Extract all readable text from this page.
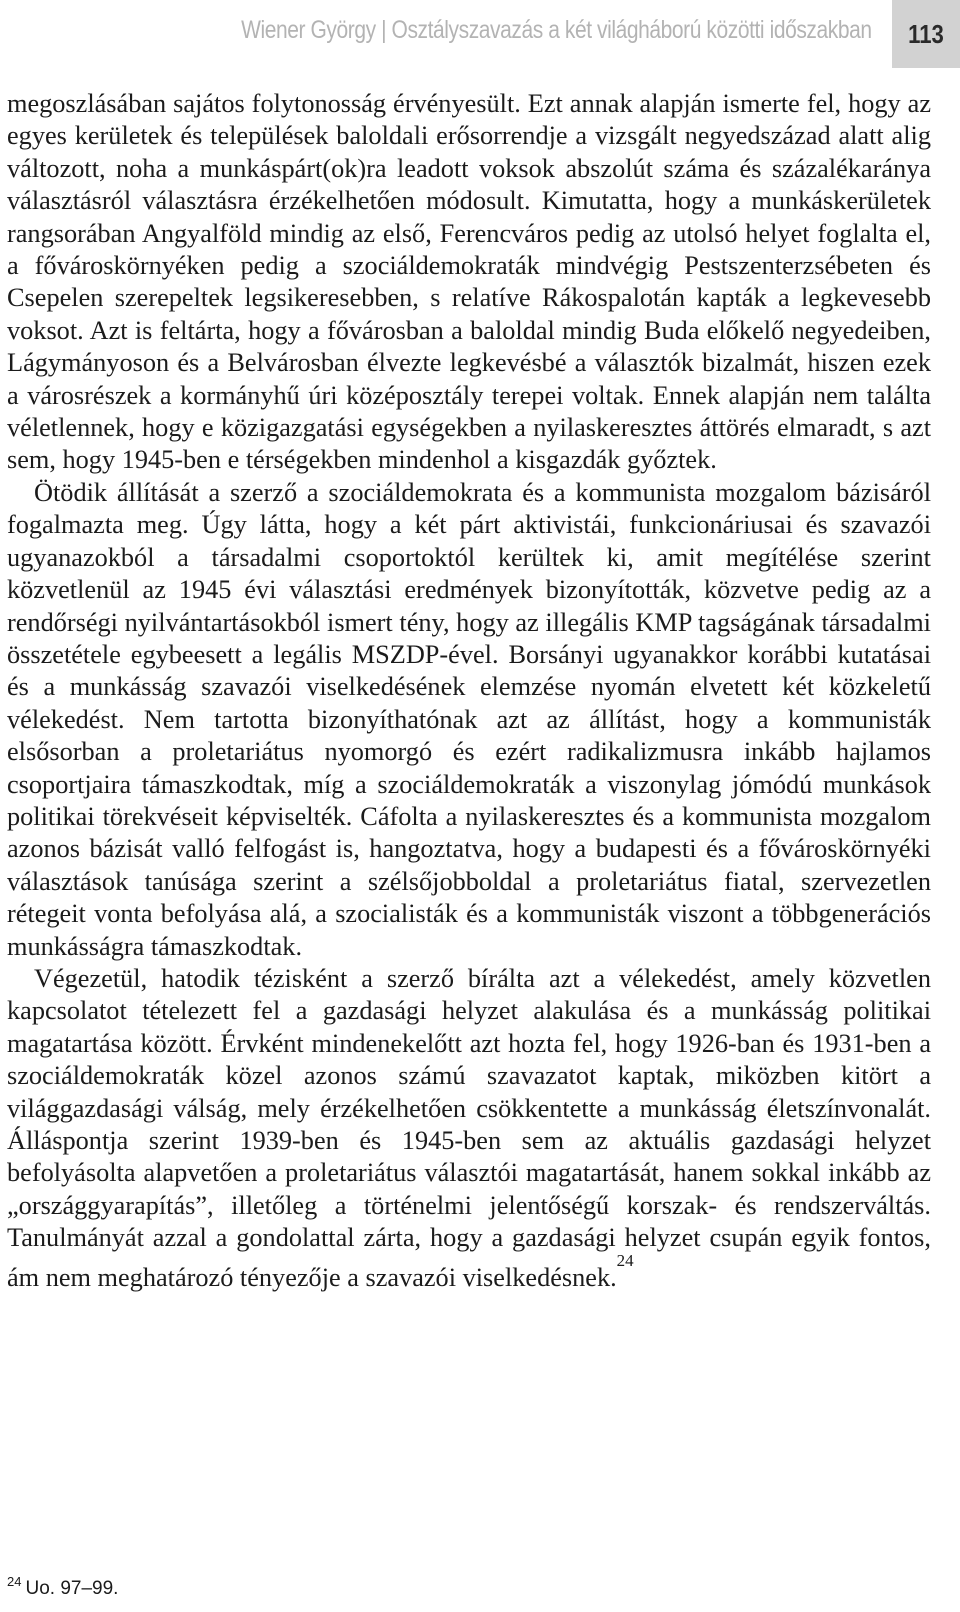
Wiener György | Osztályszavazás a két világháború közötti időszakban 113

megoszlásában sajátos folytonosság érvényesült. Ezt annak alapján ismerte fel, hogy az egyes kerületek és települések baloldali erősorrendje a vizsgált negyedszázad alatt alig változott, noha a munkáspárt(ok)ra leadott voksok abszolút száma és százalékaránya választásról választásra érzékelhetően módosult. Kimutatta, hogy a munkáskerületek rangsorában Angyalföld mindig az első, Ferencváros pedig az utolsó helyet foglalta el, a fővároskörnyéken pedig a szociáldemokraták mindvégig Pestszenterzsébeten és Csepelen szerepeltek legsikeresebben, s relatíve Rákospalotán kapták a legkevesebb voksot. Azt is feltárta, hogy a fővárosban a baloldal mindig Buda előkelő negyedeiben, Lágymányoson és a Belvárosban élvezte legkevésbé a választók bizalmát, hiszen ezek a városrészek a kormányhű úri középosztály terepei voltak. Ennek alapján nem találta véletlennek, hogy e közigazgatási egységekben a nyilaskeresztes áttörés elmaradt, s azt sem, hogy 1945-ben e térségekben mindenhol a kisgazdák győztek.

Ötödik állítását a szerző a szociáldemokrata és a kommunista mozgalom bázisáról fogalmazta meg. Úgy látta, hogy a két párt aktivistái, funkcionáriusai és szavazói ugyanazokból a társadalmi csoportoktól kerültek ki, amit megítélése szerint közvetlenül az 1945 évi választási eredmények bizonyították, közvetve pedig az a rendőrségi nyilvántartásokból ismert tény, hogy az illegális KMP tagságának társadalmi összetétele egybeesett a legális MSZDP-ével. Borsányi ugyanakkor korábbi kutatásai és a munkásság szavazói viselkedésének elemzése nyomán elvetett két közkeletű vélekedést. Nem tartotta bizonyíthatónak azt az állítást, hogy a kommunisták elsősorban a proletariátus nyomorgó és ezért radikalizmusra inkább hajlamos csoportjaira támaszkodtak, míg a szociáldemokraták a viszonylag jómódú munkások politikai törekvéseit képviselték. Cáfolta a nyilaskeresztes és a kommunista mozgalom azonos bázisát valló felfogást is, hangoztatva, hogy a budapesti és a fővároskörnyéki választások tanúsága szerint a szélsőjobboldal a proletariátus fiatal, szervezetlen rétegeit vonta befolyása alá, a szocialisták és a kommunisták viszont a többgenerációs munkásságra támaszkodtak.

Végezetül, hatodik tézisként a szerző bírálta azt a vélekedést, amely közvetlen kapcsolatot tételezett fel a gazdasági helyzet alakulása és a munkásság politikai magatartása között. Érvként mindenekelőtt azt hozta fel, hogy 1926-ban és 1931-ben a szociáldemokraták közel azonos számú szavazatot kaptak, miközben kitört a világgazdasági válság, mely érzékelhetően csökkentette a munkásság életszínvonalát. Álláspontja szerint 1939-ben és 1945-ben sem az aktuális gazdasági helyzet befolyásolta alapvetően a proletariátus választói magatartását, hanem sokkal inkább az „országgyarapítás”, illetőleg a történelmi jelentőségű korszak- és rendszerváltás. Tanulmányát azzal a gondolattal zárta, hogy a gazdasági helyzet csupán egyik fontos, ám nem meghatározó tényezője a szavazói viselkedésnek.$^{24}$

$^{24}$ Uo. 97–99.
